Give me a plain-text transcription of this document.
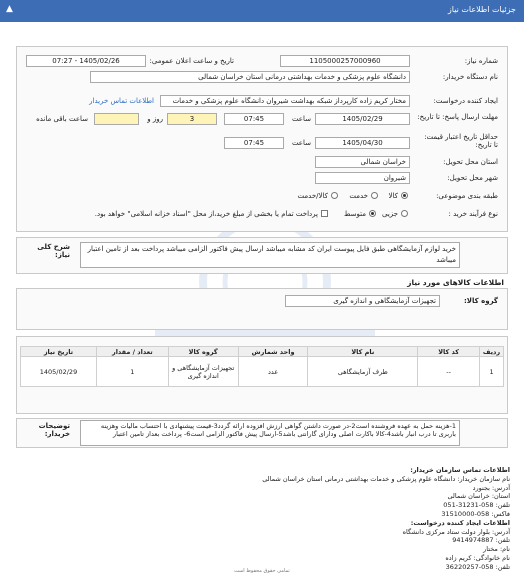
جزئیات اطلاعات نیاز
▲
شماره نیاز:
1105000257000960
تاریخ و ساعت اعلان عمومی:
1405/02/26 - 07:27
نام دستگاه خریدار:
دانشگاه علوم پزشکی و خدمات بهداشتی درمانی استان خراسان شمالی
ایجاد کننده درخواست:
مختار کریم زاده کارپرداز شبکه بهداشت شیروان دانشگاه علوم پزشکی و خدمات
اطلاعات تماس خریدار
مهلت ارسال پاسخ: تا تاریخ:
1405/02/29
ساعت
07:45
3
روز و
ساعت باقی مانده
حداقل تاریخ اعتبار قیمت: تا تاریخ:
1405/04/30
ساعت
07:45
استان محل تحویل:
خراسان شمالی
شهر محل تحویل:
شیروان
طبقه بندی موضوعی:
کالا
خدمت
کالا/خدمت
نوع فرآیند خرید :
جزیی
متوسط
پرداخت تمام یا بخشی از مبلغ خرید،از محل "اسناد خزانه اسلامی" خواهد بود.
شرح کلی نیاز:
خرید لوازم آزمایشگاهی طبق فایل پیوست ایران کد مشابه میباشد ارسال پیش فاکتور الزامی میباشد پرداخت بعد از تامین اعتبار میباشد
اطلاعات کالاهای مورد نیاز
گروه کالا:
تجهیزات آزمایشگاهی و اندازه گیری
ردیف	کد کالا	نام کالا	واحد شمارش	گروه کالا	تعداد / مقدار	تاریخ نیاز
1	--	ظرف آزمایشگاهی	عدد	تجهیزات آزمایشگاهی و اندازه گیری	1	1405/02/29
توضیحات خریدار:
1-هزینه حمل به عهده فروشنده است2-در صورت داشتن گواهی ارزش افزوده ارائه گردد3-قیمت پیشنهادی با احتساب مالیات وهزینه باربری تا درب انبار باشد4-کالا باکارت اصلی ودارای گارانتی باشد5-ارسال پیش فاکتور الزامی است6- پرداخت بعداز تامین اعتبار
اطلاعات تماس سازمان خریدار:
نام سازمان خریدار: دانشگاه علوم پزشکی و خدمات بهداشتی درمانی استان خراسان شمالی
آدرس: بجنورد
استان: خراسان شمالی
تلفن: 058-31231-051
فاکس: 058-31510000
اطلاعات ایجاد کننده درخواست:
آدرس: بلوار دولت ستاد مرکزی دانشگاه
تلفن: 9414974887
نام: مختار
نام خانوادگی: کریم زاده
تلفن: 058-36220257
تمامی حقوق محفوظ است
